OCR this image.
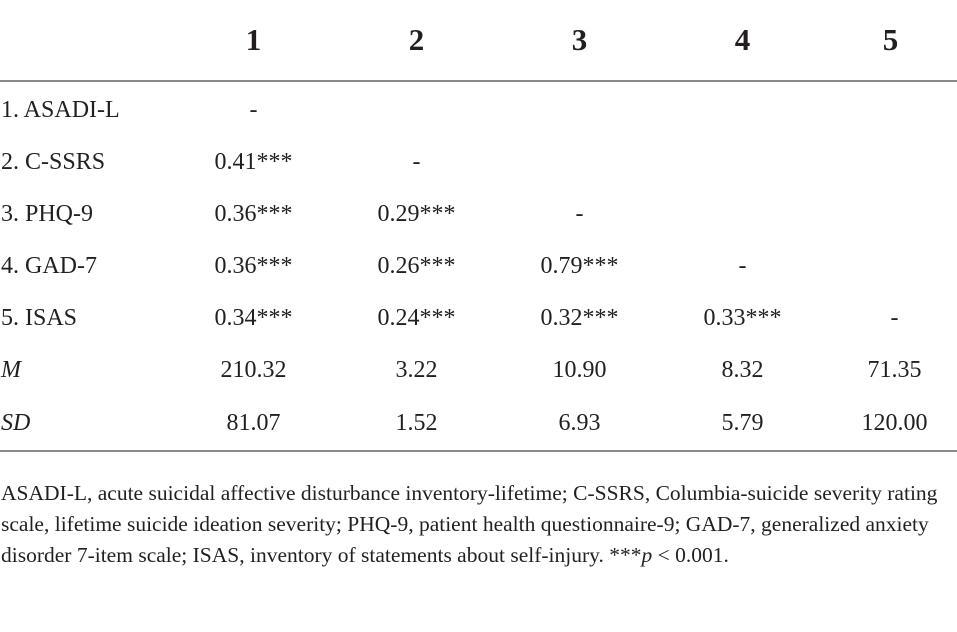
	1	2	3	4	5
1. ASADI-L	-				
2. C-SSRS	0.41***	-			
3. PHQ-9	0.36***	0.29***	-		
4. GAD-7	0.36***	0.26***	0.79***	-	
5. ISAS	0.34***	0.24***	0.32***	0.33***	-
M	210.32	3.22	10.90	8.32	71.35
SD	81.07	1.52	6.93	5.79	120.00

ASADI-L, acute suicidal affective disturbance inventory-lifetime; C-SSRS, Columbia-suicide severity rating scale, lifetime suicide ideation severity; PHQ-9, patient health questionnaire-9; GAD-7, generalized anxiety disorder 7-item scale; ISAS, inventory of statements about self-injury. ***p < 0.001.
